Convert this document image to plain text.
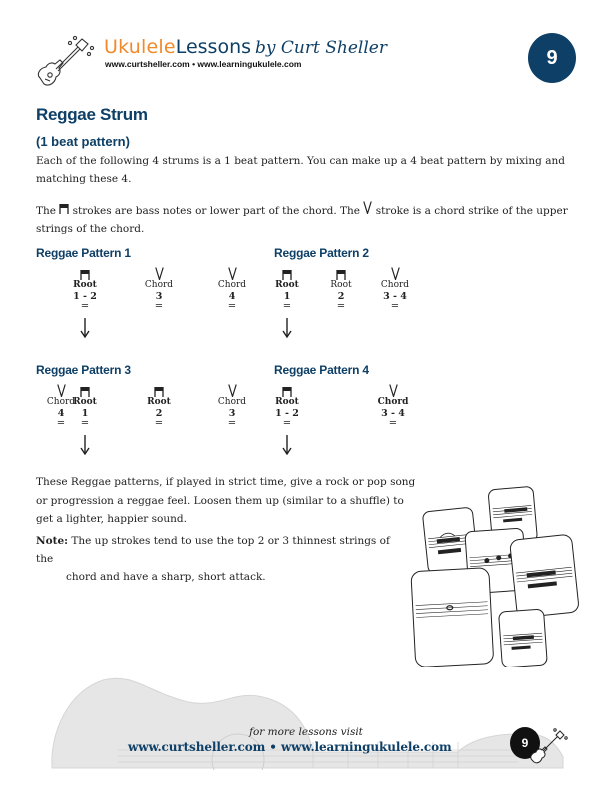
UkuleleLessons by Curt Sheller
www.curtsheller.com • www.learningukulele.com	9
Reggae Strum
(1 beat pattern)
Each of the following 4 strums is a 1 beat pattern. You can make up a 4 beat pattern by mixing and matching these 4.
The strokes are bass notes or lower part of the chord. The stroke is a chord strike of the upper strings of the chord.
Reggae Pattern 1
Root
1 - 2
=
Chord
3
=
Chord
4
=
Reggae Pattern 2
Root
1
=
Root
2
=
Chord
3 - 4
=
Reggae Pattern 3
Root
1
=
Root
2
=
Chord
3
=
Chord
4
=
Reggae Pattern 4
Root
1 - 2
=
Chord
3 - 4
=
These Reggae patterns, if played in strict time, give a rock or pop song or progression a reggae feel. Loosen them up (similar to a shuffle) to get a lighter, happier sound.
Note: The up strokes tend to use the top 2 or 3 thinnest strings of the
chord and have a sharp, short attack.
for more lessons visit
www.curtsheller.com • www.learningukulele.com	9
